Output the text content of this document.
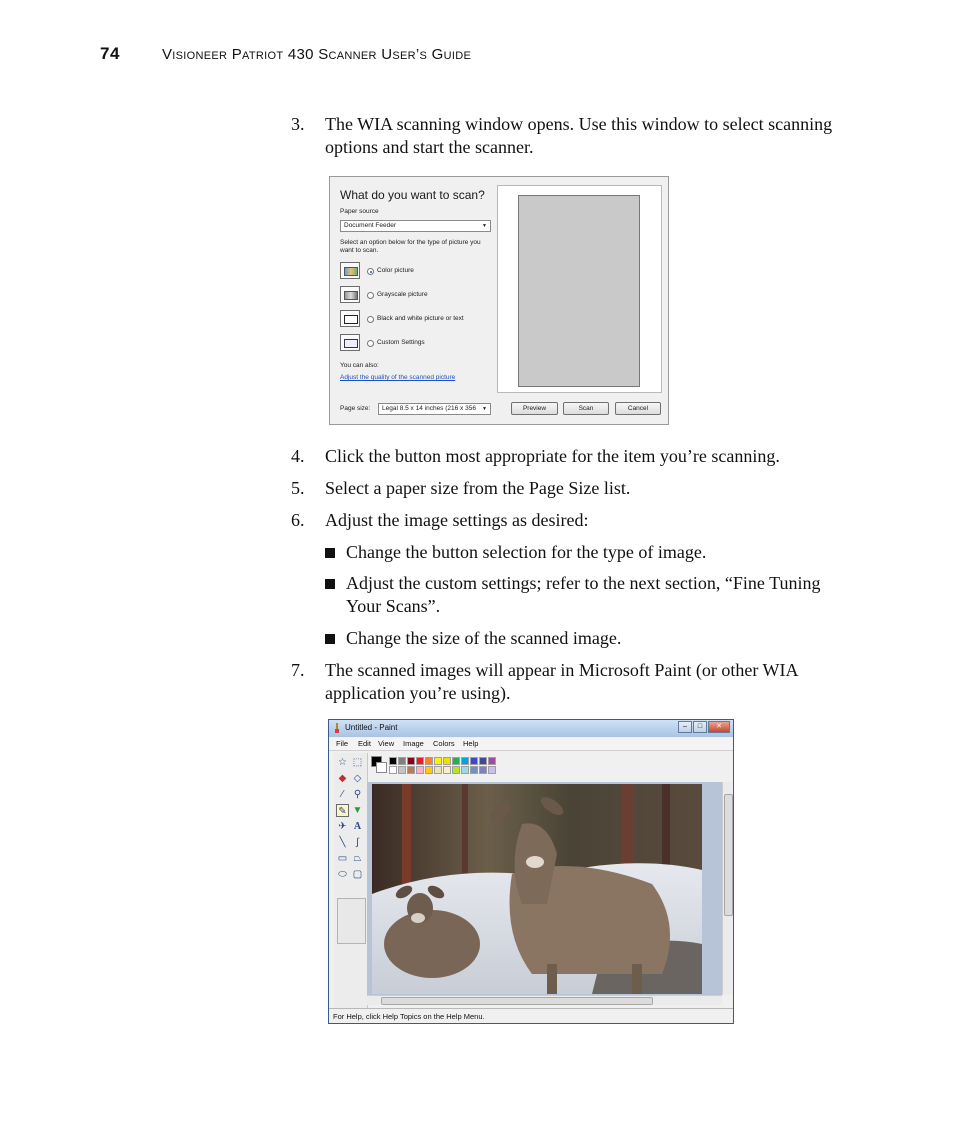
74	Visioneer Patriot 430 Scanner User’s Guide
3. The WIA scanning window opens. Use this window to select scanning options and start the scanner.
What do you want to scan?
Paper source
Document Feeder	▼
Select an option below for the type of picture you want to scan.
Color picture
Grayscale picture
Black and white picture or text
Custom Settings
You can also:
Adjust the quality of the scanned picture
Page size:	Legal 8.5 x 14 inches (216 x 356	▼	Preview	Scan	Cancel
4. Click the button most appropriate for the item you’re scanning.
5. Select a paper size from the Page Size list.
6. Adjust the image settings as desired:
Change the button selection for the type of image.
Adjust the custom settings; refer to the next section, “Fine Tuning Your Scans”.
Change the size of the scanned image.
7. The scanned images will appear in Microsoft Paint (or other WIA application you’re using).
Untitled - Paint	–	□	✕
File Edit View Image Colors Help
☆ ⬚
◆ ◇
⁄	⚲
✎ ▼
✈ A
╲	∫
▭ ⏢
⬭ ▢
For Help, click Help Topics on the Help Menu.
